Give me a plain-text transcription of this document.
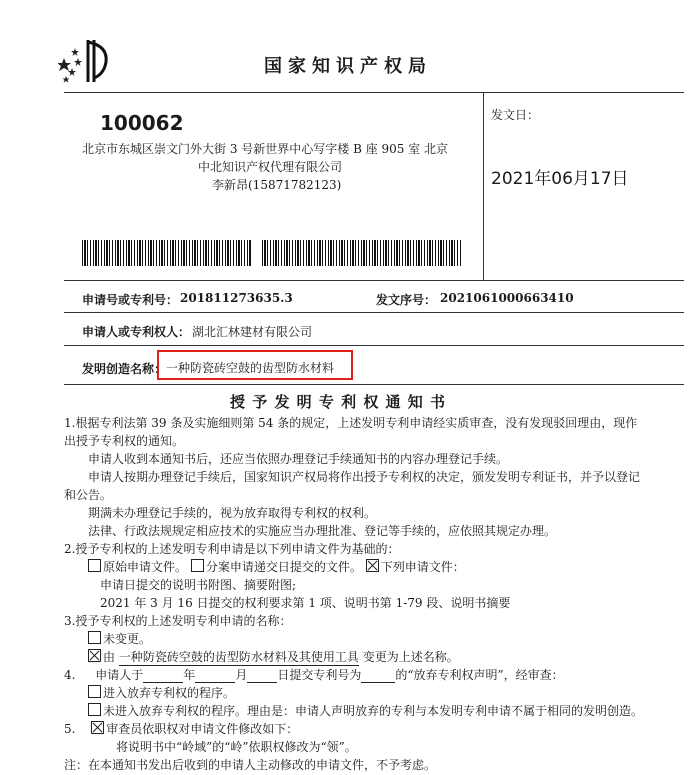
国家知识产权局
100062
北京市东城区崇文门外大街 3 号新世界中心写字楼 B 座 905 室 北京
中北知识产权代理有限公司
李新昂(15871782123)
发文日：
2021年06月17日
申请号或专利号： 201811273635.3	发文序号： 2021061000663410
申请人或专利权人： 湖北汇林建材有限公司
发明创造名称： 一种防瓷砖空鼓的齿型防水材料
授 予 发 明 专 利 权 通 知 书
1.根据专利法第 39 条及实施细则第 54 条的规定，上述发明专利申请经实质审查，没有发现驳回理由，现作
出授予专利权的通知。
申请人收到本通知书后，还应当依照办理登记手续通知书的内容办理登记手续。
申请人按期办理登记手续后，国家知识产权局将作出授予专利权的决定，颁发发明专利证书，并予以登记
和公告。
期满未办理登记手续的，视为放弃取得专利权的权利。
法律、行政法规规定相应技术的实施应当办理批准、登记等手续的，应依照其规定办理。
2.授予专利权的上述发明专利申请是以下列申请文件为基础的：
原始申请文件。 分案申请递交日提交的文件。 下列申请文件：
申请日提交的说明书附图、摘要附图;
2021 年 3 月 16 日提交的权利要求第 1 项、说明书第 1-79 段、说明书摘要
3.授予专利权的上述发明专利申请的名称：
未变更。
由 一种防瓷砖空鼓的齿型防水材料及其使用工具 变更为上述名称。
4. 申请人于	年	月	日提交专利号为	的“放弃专利权声明”，经审查：
进入放弃专利权的程序。
未进入放弃专利权的程序。理由是：申请人声明放弃的专利与本发明专利申请不属于相同的发明创造。
5.	审查员依职权对申请文件修改如下：
将说明书中“岭域”的“岭”依职权修改为“领”。
注：在本通知书发出后收到的申请人主动修改的申请文件，不予考虑。
